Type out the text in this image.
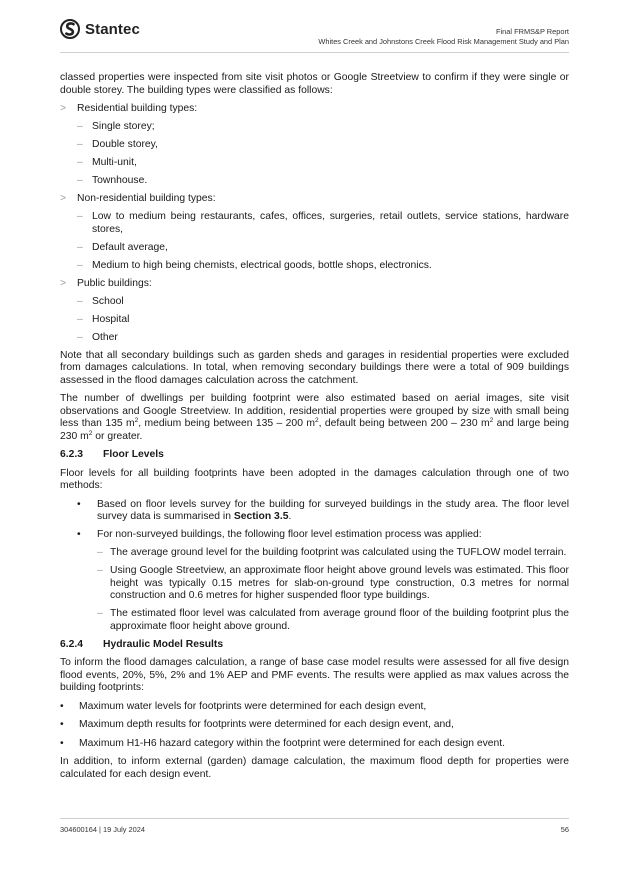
Stantec	Final FRMS&P Report
Whites Creek and Johnstons Creek Flood Risk Management Study and Plan

classed properties were inspected from site visit photos or Google Streetview to confirm if they were single or double storey. The building types were classified as follows:

> Residential building types:
– Single storey;
– Double storey,
– Multi-unit,
– Townhouse.
> Non-residential building types:
– Low to medium being restaurants, cafes, offices, surgeries, retail outlets, service stations, hardware stores,
– Default average,
– Medium to high being chemists, electrical goods, bottle shops, electronics.
> Public buildings:
– School
– Hospital
– Other

Note that all secondary buildings such as garden sheds and garages in residential properties were excluded from damages calculations. In total, when removing secondary buildings there were a total of 909 buildings assessed in the flood damages calculation across the catchment.

The number of dwellings per building footprint were also estimated based on aerial images, site visit observations and Google Streetview. In addition, residential properties were grouped by size with small being less than 135 $m^2$, medium being between 135 – 200 $m^2$, default being between 200 – 230 $m^2$ and large being 230 $m^2$ or greater.

6.2.3	Floor Levels

Floor levels for all building footprints have been adopted in the damages calculation through one of two methods:

• Based on floor levels survey for the building for surveyed buildings in the study area. The floor level survey data is summarised in Section 3.5.
• For non-surveyed buildings, the following floor level estimation process was applied:
– The average ground level for the building footprint was calculated using the TUFLOW model terrain.
– Using Google Streetview, an approximate floor height above ground levels was estimated. This floor height was typically 0.15 metres for slab-on-ground type construction, 0.3 metres for normal construction and 0.6 metres for higher suspended floor type buildings.
– The estimated floor level was calculated from average ground floor of the building footprint plus the approximate floor height above ground.
6.2.4	Hydraulic Model Results

To inform the flood damages calculation, a range of base case model results were assessed for all five design flood events, 20%, 5%, 2% and 1% AEP and PMF events. The results were applied as max values across the building footprints:

• Maximum water levels for footprints were determined for each design event,
• Maximum depth results for footprints were determined for each design event, and,
• Maximum H1-H6 hazard category within the footprint were determined for each design event.

In addition, to inform external (garden) damage calculation, the maximum flood depth for properties were calculated for each design event.

304600164 | 19 July 2024	56
